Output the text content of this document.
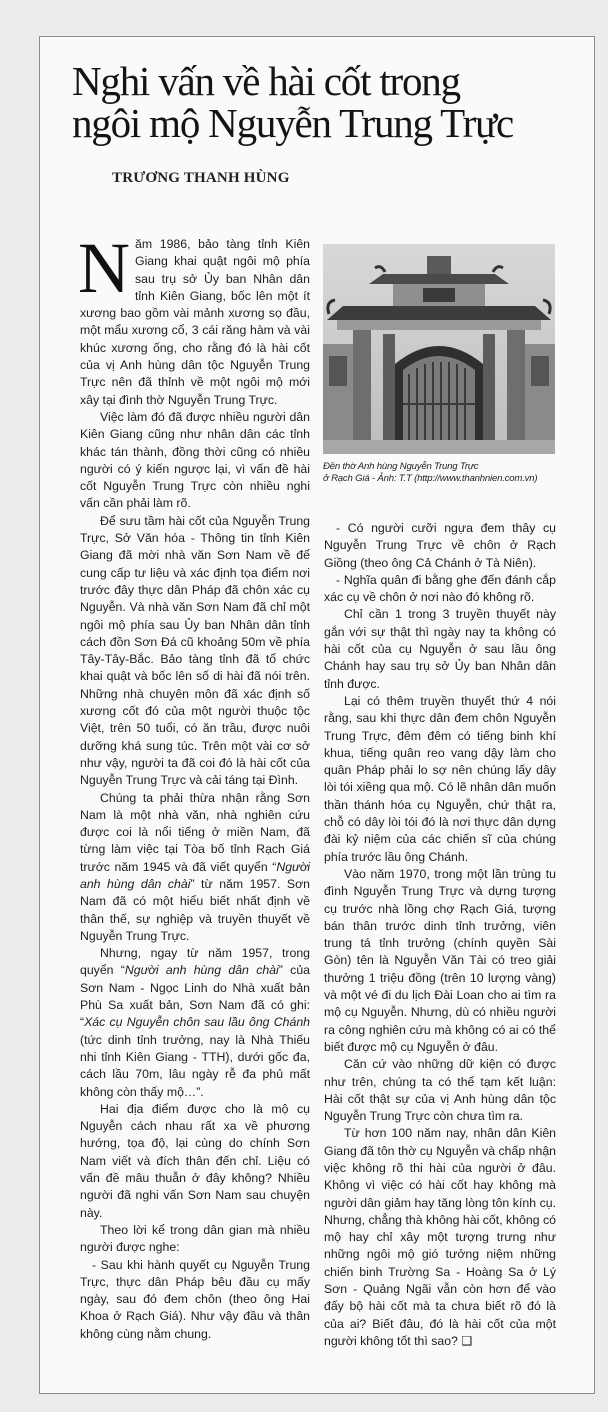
Nghi vấn về hài cốt trong
ngôi mộ Nguyễn Trung Trực
TRƯƠNG THANH HÙNG
Đền thờ Anh hùng Nguyễn Trung Trực
ở Rạch Giá - Ảnh: T.T (http://www.thanhnien.com.vn)

Năm 1986, bảo tàng tỉnh Kiên Giang khai quật ngôi mộ phía sau trụ sở Ủy ban Nhân dân tỉnh Kiên Giang, bốc lên một ít xương bao gồm vài mảnh xương sọ đầu, một mẩu xương cổ, 3 cái răng hàm và vài khúc xương ống, cho rằng đó là hài cốt của vị Anh hùng dân tộc Nguyễn Trung Trực nên đã thỉnh về một ngôi mộ mới xây tại đình thờ Nguyễn Trung Trực.

Việc làm đó đã được nhiều người dân Kiên Giang cũng như nhân dân các tỉnh khác tán thành, đồng thời cũng có nhiều người có ý kiến ngược lại, vì vấn đề hài cốt Nguyễn Trung Trực còn nhiều nghi vấn cần phải làm rõ.

Để sưu tầm hài cốt của Nguyễn Trung Trực, Sở Văn hóa - Thông tin tỉnh Kiên Giang đã mời nhà văn Sơn Nam về để cung cấp tư liệu và xác định tọa điểm nơi trước đây thực dân Pháp đã chôn xác cụ Nguyễn. Và nhà văn Sơn Nam đã chỉ một ngôi mộ phía sau Ủy ban Nhân dân tỉnh cách đồn Sơn Đá cũ khoảng 50m về phía Tây-Tây-Bắc. Bảo tàng tỉnh đã tổ chức khai quật và bốc lên số di hài đã nói trên. Những nhà chuyên môn đã xác định số xương cốt đó của một người thuộc tộc Việt, trên 50 tuổi, có ăn trầu, được nuôi dưỡng khá sung túc. Trên một vài cơ sở như vậy, người ta đã coi đó là hài cốt của Nguyễn Trung Trực và cải táng tại Đình.

Chúng ta phải thừa nhận rằng Sơn Nam là một nhà văn, nhà nghiên cứu được coi là nổi tiếng ở miền Nam, đã từng làm việc tại Tòa bố tỉnh Rạch Giá trước năm 1945 và đã viết quyển “Người anh hùng dân chài” từ năm 1957. Sơn Nam đã có một hiểu biết nhất định về thân thế, sự nghiệp và truyền thuyết về Nguyễn Trung Trực.

Nhưng, ngay từ năm 1957, trong quyển “Người anh hùng dân chài” của Sơn Nam - Ngọc Linh do Nhà xuất bản Phù Sa xuất bản, Sơn Nam đã có ghi: “Xác cụ Nguyễn chôn sau lầu ông Chánh (tức dinh tỉnh trưởng, nay là Nhà Thiếu nhi tỉnh Kiên Giang - TTH), dưới gốc đa, cách lầu 70m, lâu ngày rễ đa phủ mất không còn thấy mộ…”.

Hai địa điểm được cho là mộ cụ Nguyễn cách nhau rất xa về phương hướng, tọa độ, lại cùng do chính Sơn Nam viết và đích thân đến chỉ. Liệu có vấn đề mâu thuẫn ở đây không? Nhiều người đã nghi vấn Sơn Nam sau chuyện này.

Theo lời kể trong dân gian mà nhiều người được nghe:

- Sau khi hành quyết cụ Nguyễn Trung Trực, thực dân Pháp bêu đầu cụ mấy ngày, sau đó đem chôn (theo ông Hai Khoa ở Rạch Giá). Như vậy đầu và thân không cùng nằm chung.

- Có người cưỡi ngựa đem thây cụ Nguyễn Trung Trực về chôn ở Rạch Giồng (theo ông Cả Chánh ở Tà Niên).

- Nghĩa quân đi bằng ghe đến đánh cắp xác cụ về chôn ở nơi nào đó không rõ.

Chỉ cần 1 trong 3 truyền thuyết này gắn với sự thật thì ngày nay ta không có hài cốt của cụ Nguyễn ở sau lầu ông Chánh hay sau trụ sở Ủy ban Nhân dân tỉnh được.

Lại có thêm truyền thuyết thứ 4 nói rằng, sau khi thực dân đem chôn Nguyễn Trung Trực, đêm đêm có tiếng binh khí khua, tiếng quân reo vang dậy làm cho quân Pháp phải lo sợ nên chúng lấy dây lòi tói xiềng qua mộ. Có lẽ nhân dân muốn thần thánh hóa cụ Nguyễn, chứ thật ra, chỗ có dây lòi tói đó là nơi thực dân dựng đài kỷ niệm của các chiến sĩ của chúng phía trước lầu ông Chánh.

Vào năm 1970, trong một lần trùng tu đình Nguyễn Trung Trực và dựng tượng cụ trước nhà lồng chợ Rạch Giá, tượng bán thân trước dinh tỉnh trưởng, viên trung tá tỉnh trưởng (chính quyền Sài Gòn) tên là Nguyễn Văn Tài có treo giải thưởng 1 triệu đồng (trên 10 lượng vàng) và một vé đi du lịch Đài Loan cho ai tìm ra mộ cụ Nguyễn. Nhưng, dù có nhiều người ra công nghiên cứu mà không có ai có thể biết được mộ cụ Nguyễn ở đâu.

Căn cứ vào những dữ kiện có được như trên, chúng ta có thể tạm kết luận: Hài cốt thật sự của vị Anh hùng dân tộc Nguyễn Trung Trực còn chưa tìm ra.

Từ hơn 100 năm nay, nhân dân Kiên Giang đã tôn thờ cụ Nguyễn và chấp nhận việc không rõ thi hài của người ở đâu. Không vì việc có hài cốt hay không mà người dân giảm hay tăng lòng tôn kính cụ. Nhưng, chẳng thà không hài cốt, không có mộ hay chỉ xây một tượng trưng như những ngôi mộ gió tưởng niệm những chiến binh Trường Sa - Hoàng Sa ở Lý Sơn - Quảng Ngãi vẫn còn hơn để vào đấy bộ hài cốt mà ta chưa biết rõ đó là của ai? Biết đâu, đó là hài cốt của một người không tốt thì sao? ❑
